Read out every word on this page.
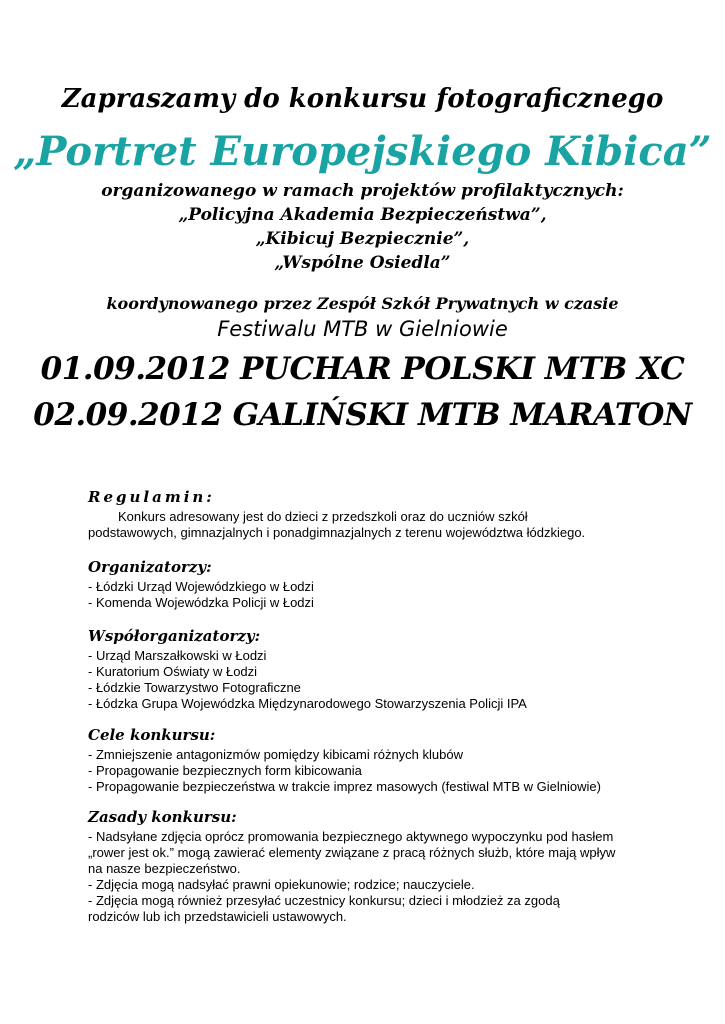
Zapraszamy do konkursu fotograficznego
„Portret Europejskiego Kibica”
organizowanego w ramach projektów profilaktycznych:
„Policyjna Akademia Bezpieczeństwa”,
„Kibicuj Bezpiecznie”,
„Wspólne Osiedla”
koordynowanego przez Zespół Szkół Prywatnych w czasie
Festiwalu MTB w Gielniowie
01.09.2012 PUCHAR POLSKI MTB XC
02.09.2012 GALIŃSKI MTB MARATON
Regulamin:
Konkurs adresowany jest do dzieci z przedszkoli oraz do uczniów szkół
podstawowych, gimnazjalnych i ponadgimnazjalnych z terenu województwa łódzkiego.
Organizatorzy:
- Łódzki Urząd Wojewódzkiego w Łodzi
- Komenda Wojewódzka Policji w Łodzi
Współorganizatorzy:
- Urząd Marszałkowski w Łodzi
- Kuratorium Oświaty w Łodzi
- Łódzkie Towarzystwo Fotograficzne
- Łódzka Grupa Wojewódzka Międzynarodowego Stowarzyszenia Policji IPA
Cele konkursu:
- Zmniejszenie antagonizmów pomiędzy kibicami różnych klubów
- Propagowanie bezpiecznych form kibicowania
- Propagowanie bezpieczeństwa w trakcie imprez masowych (festiwal MTB w Gielniowie)
Zasady konkursu:
- Nadsyłane zdjęcia oprócz promowania bezpiecznego aktywnego wypoczynku pod hasłem
„rower jest ok.” mogą zawierać elementy związane z pracą różnych służb, które mają wpływ
na nasze bezpieczeństwo.
- Zdjęcia mogą nadsyłać prawni opiekunowie; rodzice; nauczyciele.
- Zdjęcia mogą również przesyłać uczestnicy konkursu; dzieci i młodzież za zgodą
rodziców lub ich przedstawicieli ustawowych.
